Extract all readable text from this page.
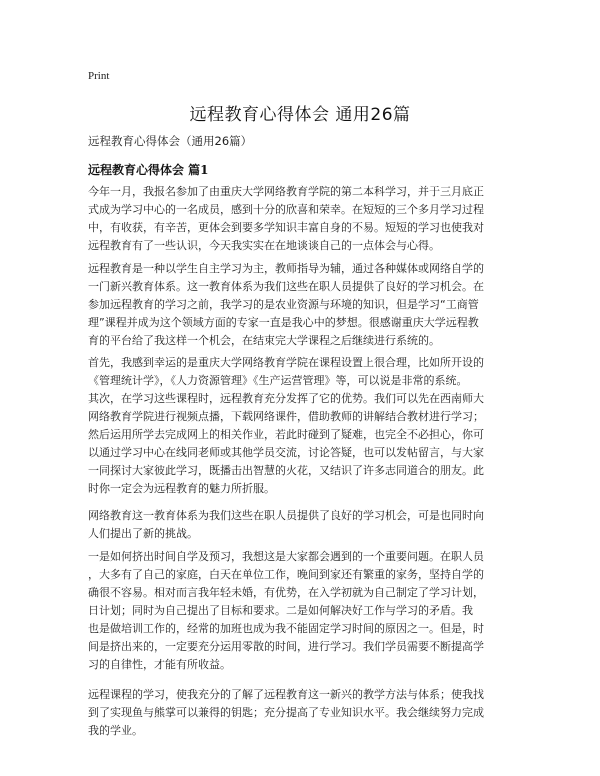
Print
远程教育心得体会 通用26篇
远程教育心得体会（通用26篇）
远程教育心得体会 篇1

今年一月，我报名参加了由重庆大学网络教育学院的第二本科学习，并于三月底正
式成为学习中心的一名成员，感到十分的欣喜和荣幸。在短短的三个多月学习过程
中，有收获，有辛苦，更体会到要多学知识丰富自身的不易。短短的学习也使我对
远程教育有了一些认识，今天我实实在在地谈谈自己的一点体会与心得。

远程教育是一种以学生自主学习为主，教师指导为辅，通过各种媒体或网络自学的
一门新兴教育体系。这一教育体系为我们这些在职人员提供了良好的学习机会。在
参加远程教育的学习之前，我学习的是农业资源与环境的知识，但是学习“工商管
理”课程并成为这个领域方面的专家一直是我心中的梦想。很感谢重庆大学远程教
育的平台给了我这样一个机会，在结束完大学课程之后继续进行系统的。

首先，我感到幸运的是重庆大学网络教育学院在课程设置上很合理，比如所开设的
《管理统计学》，《人力资源管理》《生产运营管理》等，可以说是非常的系统。
其次，在学习这些课程时，远程教育充分发挥了它的优势。我们可以先在西南师大
网络教育学院进行视频点播，下载网络课件，借助教师的讲解结合教材进行学习；
然后运用所学去完成网上的相关作业，若此时碰到了疑难，也完全不必担心，你可
以通过学习中心在线同老师或其他学员交流，讨论答疑，也可以发帖留言，与大家
一同探讨大家彼此学习，既播击出智慧的火花，又结识了许多志同道合的朋友。此
时你一定会为远程教育的魅力所折服。

网络教育这一教育体系为我们这些在职人员提供了良好的学习机会，可是也同时向
人们提出了新的挑战。

一是如何挤出时间自学及预习，我想这是大家都会遇到的一个重要问题。在职人员
，大多有了自己的家庭，白天在单位工作，晚间到家还有繁重的家务，坚持自学的
确很不容易。相对而言我年轻未婚，有优势，在入学初就为自己制定了学习计划，
日计划；同时为自己提出了目标和要求。二是如何解决好工作与学习的矛盾。我
也是做培训工作的，经常的加班也成为我不能固定学习时间的原因之一。但是，时
间是挤出来的，一定要充分运用零散的时间，进行学习。我们学员需要不断提高学
习的自律性，才能有所收益。

远程课程的学习，使我充分的了解了远程教育这一新兴的教学方法与体系；使我找
到了实现鱼与熊掌可以兼得的钥匙；充分提高了专业知识水平。我会继续努力完成
我的学业。
